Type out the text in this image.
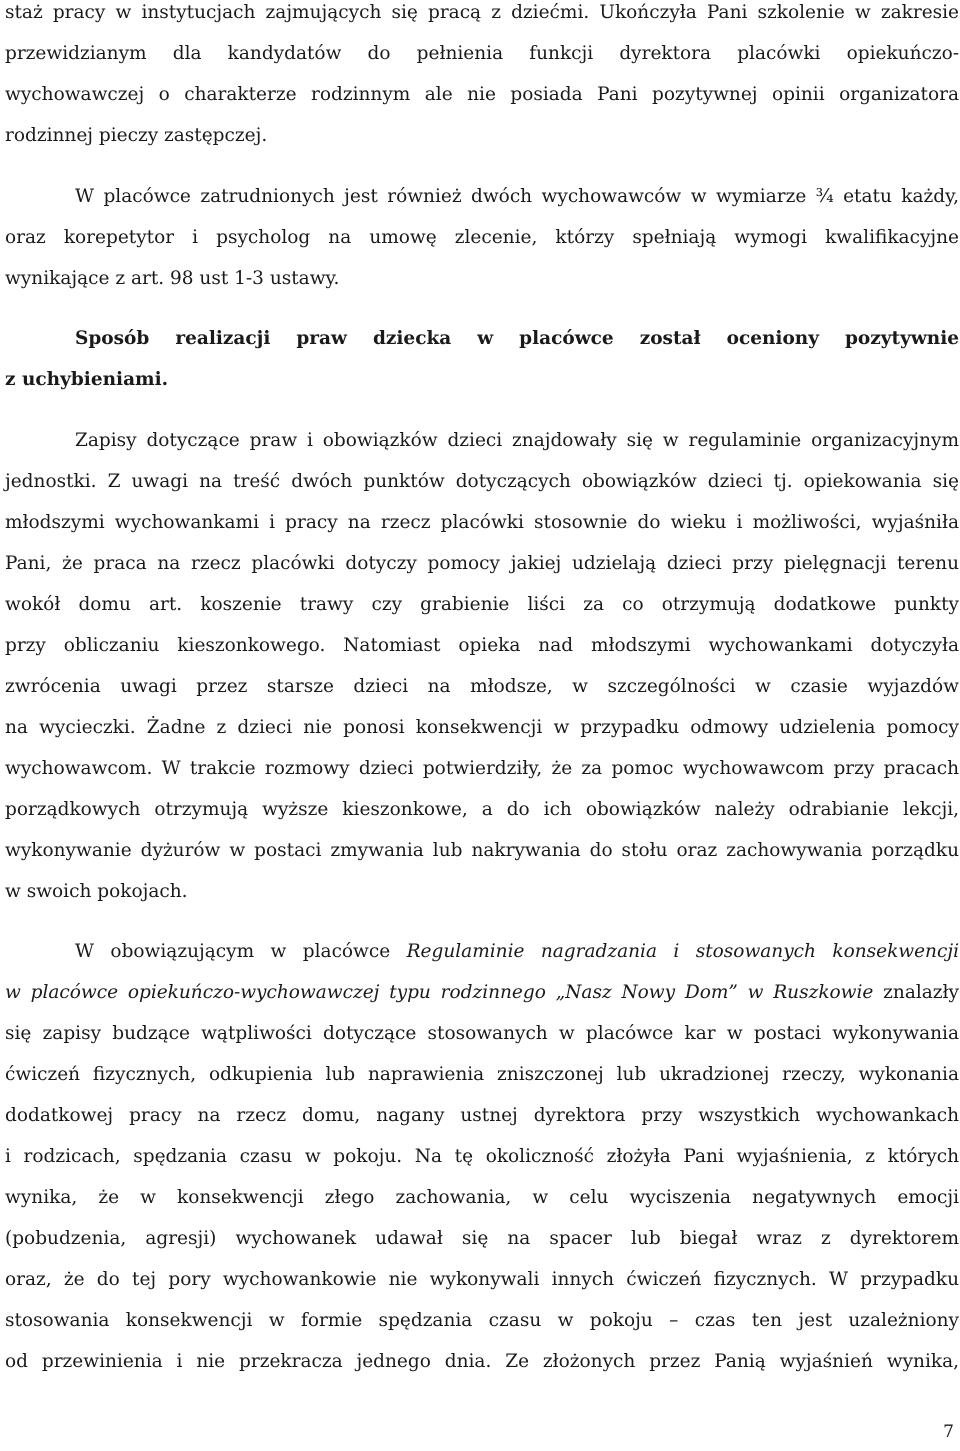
staż pracy w instytucjach zajmujących się pracą z dziećmi. Ukończyła Pani szkolenie w zakresie
przewidzianym dla kandydatów do pełnienia funkcji dyrektora placówki opiekuńczo-
wychowawczej o charakterze rodzinnym ale nie posiada Pani pozytywnej opinii organizatora
rodzinnej pieczy zastępczej.
W placówce zatrudnionych jest również dwóch wychowawców w wymiarze ¾ etatu każdy,
oraz korepetytor i psycholog na umowę zlecenie, którzy spełniają wymogi kwalifikacyjne
wynikające z art. 98 ust 1-3 ustawy.
Sposób realizacji praw dziecka w placówce został oceniony pozytywnie
z uchybieniami.
Zapisy dotyczące praw i obowiązków dzieci znajdowały się w regulaminie organizacyjnym
jednostki. Z uwagi na treść dwóch punktów dotyczących obowiązków dzieci tj. opiekowania się
młodszymi wychowankami i pracy na rzecz placówki stosownie do wieku i możliwości, wyjaśniła
Pani, że praca na rzecz placówki dotyczy pomocy jakiej udzielają dzieci przy pielęgnacji terenu
wokół domu art. koszenie trawy czy grabienie liści za co otrzymują dodatkowe punkty
przy obliczaniu kieszonkowego. Natomiast opieka nad młodszymi wychowankami dotyczyła
zwrócenia uwagi przez starsze dzieci na młodsze, w szczególności w czasie wyjazdów
na wycieczki. Żadne z dzieci nie ponosi konsekwencji w przypadku odmowy udzielenia pomocy
wychowawcom. W trakcie rozmowy dzieci potwierdziły, że za pomoc wychowawcom przy pracach
porządkowych otrzymują wyższe kieszonkowe, a do ich obowiązków należy odrabianie lekcji,
wykonywanie dyżurów w postaci zmywania lub nakrywania do stołu oraz zachowywania porządku
w swoich pokojach.
W obowiązującym w placówce Regulaminie nagradzania i stosowanych konsekwencji
w placówce opiekuńczo-wychowawczej typu rodzinnego „Nasz Nowy Dom” w Ruszkowie znalazły
się zapisy budzące wątpliwości dotyczące stosowanych w placówce kar w postaci wykonywania
ćwiczeń fizycznych, odkupienia lub naprawienia zniszczonej lub ukradzionej rzeczy, wykonania
dodatkowej pracy na rzecz domu, nagany ustnej dyrektora przy wszystkich wychowankach
i rodzicach, spędzania czasu w pokoju. Na tę okoliczność złożyła Pani wyjaśnienia, z których
wynika, że w konsekwencji złego zachowania, w celu wyciszenia negatywnych emocji
(pobudzenia, agresji) wychowanek udawał się na spacer lub biegał wraz z dyrektorem
oraz, że do tej pory wychowankowie nie wykonywali innych ćwiczeń fizycznych. W przypadku
stosowania konsekwencji w formie spędzania czasu w pokoju – czas ten jest uzależniony
od przewinienia i nie przekracza jednego dnia. Ze złożonych przez Panią wyjaśnień wynika,
7
